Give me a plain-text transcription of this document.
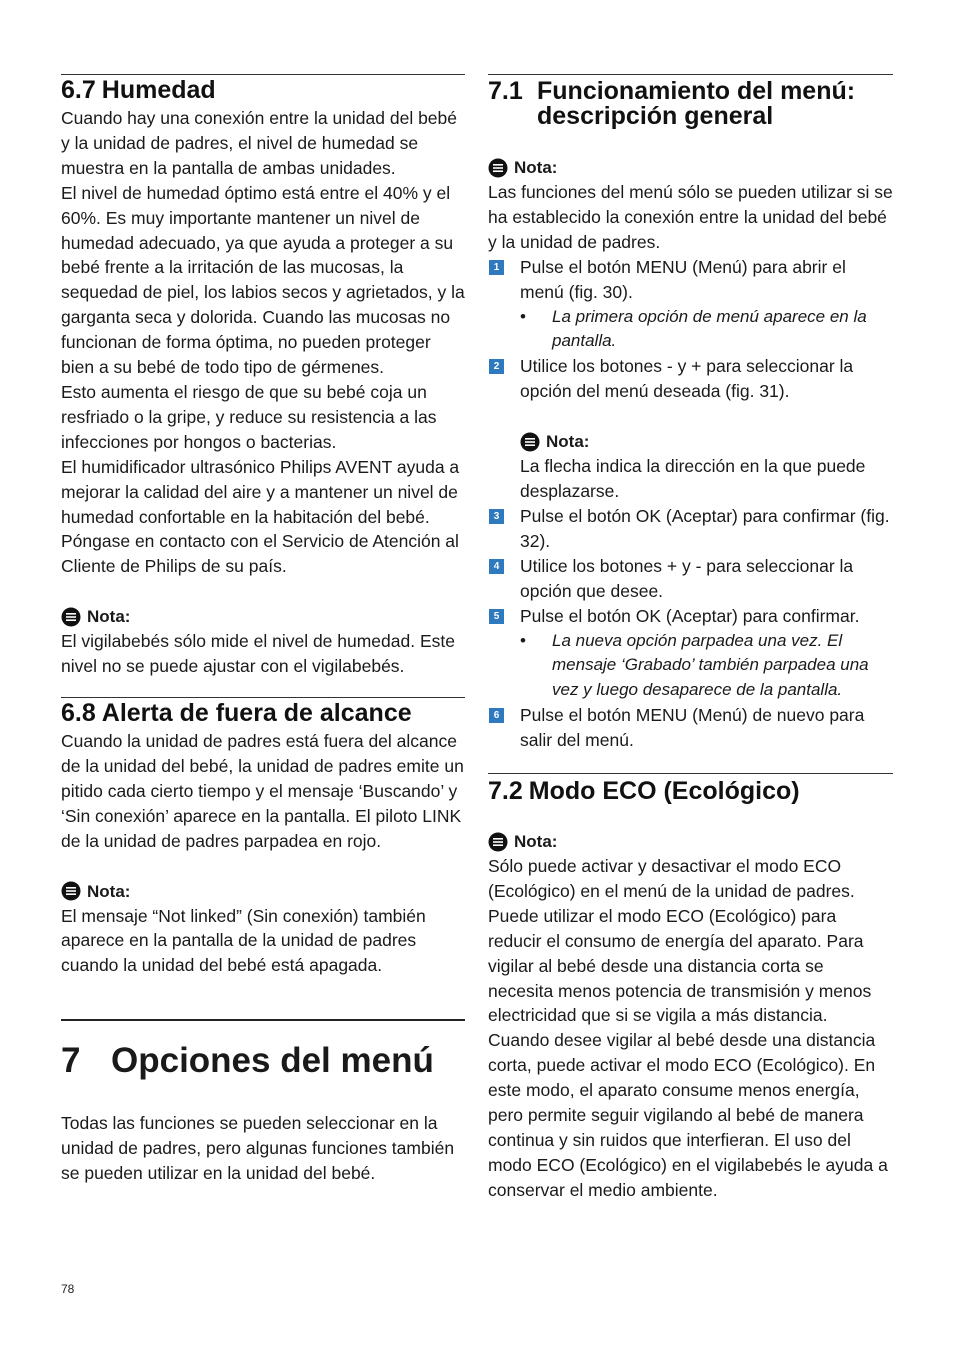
6.7 Humedad

Cuando hay una conexión entre la unidad del bebé y la unidad de padres, el nivel de humedad se muestra en la pantalla de ambas unidades.

El nivel de humedad óptimo está entre el 40% y el 60%. Es muy importante mantener un nivel de humedad adecuado, ya que ayuda a proteger a su bebé frente a la irritación de las mucosas, la sequedad de piel, los labios secos y agrietados, y la garganta seca y dolorida. Cuando las mucosas no funcionan de forma óptima, no pueden proteger bien a su bebé de todo tipo de gérmenes.

Esto aumenta el riesgo de que su bebé coja un resfriado o la gripe, y reduce su resistencia a las infecciones por hongos o bacterias.

El humidificador ultrasónico Philips AVENT ayuda a mejorar la calidad del aire y a mantener un nivel de humedad confortable en la habitación del bebé. Póngase en contacto con el Servicio de Atención al Cliente de Philips de su país.

Nota:

El vigilabebés sólo mide el nivel de humedad. Este nivel no se puede ajustar con el vigilabebés.

6.8 Alerta de fuera de alcance

Cuando la unidad de padres está fuera del alcance de la unidad del bebé, la unidad de padres emite un pitido cada cierto tiempo y el mensaje ‘Buscando’ y ‘Sin conexión’ aparece en la pantalla. El piloto LINK de la unidad de padres parpadea en rojo.

Nota:

El mensaje “Not linked” (Sin conexión) también aparece en la pantalla de la unidad de padres cuando la unidad del bebé está apagada.

7 Opciones del menú

Todas las funciones se pueden seleccionar en la unidad de padres, pero algunas funciones también se pueden utilizar en la unidad del bebé.

7.1 Funcionamiento del menú:
descripción general
Nota:

Las funciones del menú sólo se pueden utilizar si se ha establecido la conexión entre la unidad del bebé y la unidad de padres.

1 Pulse el botón MENU (Menú) para abrir el menú (fig. 30).
•	La primera opción de menú aparece en la pantalla.
2 Utilice los botones - y + para seleccionar la opción del menú deseada (fig. 31).
Nota:

La flecha indica la dirección en la que puede desplazarse.

3 Pulse el botón OK (Aceptar) para confirmar (fig. 32).
4 Utilice los botones + y - para seleccionar la opción que desee.
5 Pulse el botón OK (Aceptar) para confirmar.
•	La nueva opción parpadea una vez. El mensaje ‘Grabado’ también parpadea una vez y luego desaparece de la pantalla.
6 Pulse el botón MENU (Menú) de nuevo para salir del menú.
7.2 Modo ECO (Ecológico)
Nota:

Sólo puede activar y desactivar el modo ECO (Ecológico) en el menú de la unidad de padres.

Puede utilizar el modo ECO (Ecológico) para reducir el consumo de energía del aparato. Para vigilar al bebé desde una distancia corta se necesita menos potencia de transmisión y menos electricidad que si se vigila a más distancia. Cuando desee vigilar al bebé desde una distancia corta, puede activar el modo ECO (Ecológico). En este modo, el aparato consume menos energía, pero permite seguir vigilando al bebé de manera continua y sin ruidos que interfieran. El uso del modo ECO (Ecológico) en el vigilabebés le ayuda a conservar el medio ambiente.

78
